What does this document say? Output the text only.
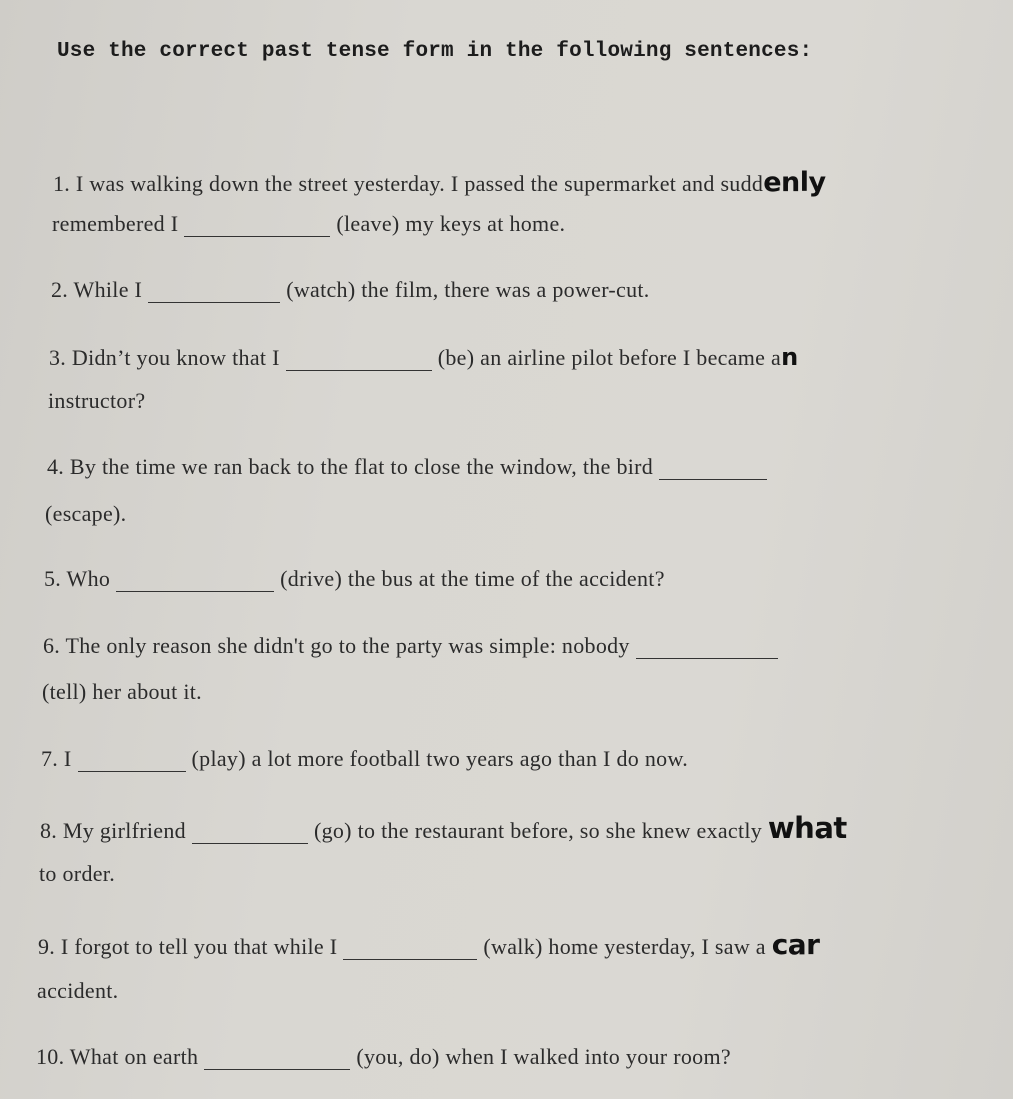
Use the correct past tense form in the following sentences:
1. I was walking down the street yesterday. I passed the supermarket and suddenly
remembered I	(leave) my keys at home.
2. While I	(watch) the film, there was a power-cut.
3. Didn’t you know that I	(be) an airline pilot before I became an
instructor?
4. By the time we ran back to the flat to close the window, the bird
(escape).
5. Who	(drive) the bus at the time of the accident?
6. The only reason she didn't go to the party was simple: nobody
(tell) her about it.
7. I	(play) a lot more football two years ago than I do now.
8. My girlfriend	(go) to the restaurant before, so she knew exactly what
to order.
9. I forgot to tell you that while I	(walk) home yesterday, I saw a car
accident.
10. What on earth	(you, do) when I walked into your room?
